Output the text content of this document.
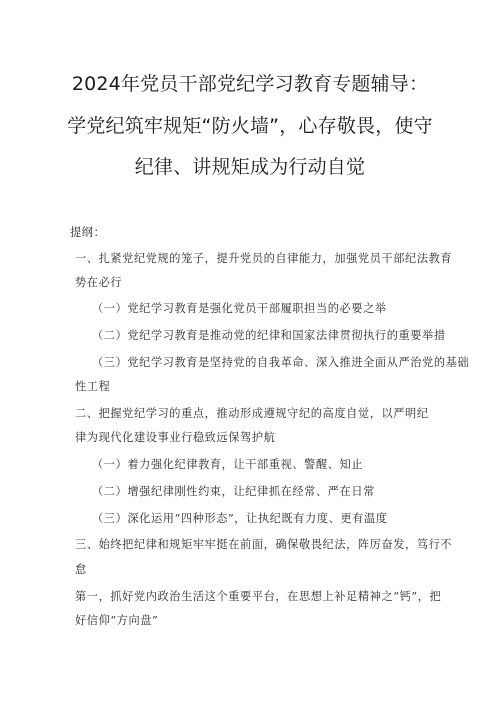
2024年党员干部党纪学习教育专题辅导：
学党纪筑牢规矩“防火墙”，心存敬畏，使守
纪律、讲规矩成为行动自觉
提纲：
一、扎紧党纪党规的笼子，提升党员的自律能力，加强党员干部纪法教育
势在必行
（一）党纪学习教育是强化党员干部履职担当的必要之举
（二）党纪学习教育是推动党的纪律和国家法律贯彻执行的重要举措
（三）党纪学习教育是坚持党的自我革命、深入推进全面从严治党的基础
性工程
二、把握党纪学习的重点，推动形成遵规守纪的高度自觉，以严明纪
律为现代化建设事业行稳致远保驾护航
（一）着力强化纪律教育，让干部重视、警醒、知止
（二）增强纪律刚性约束，让纪律抓在经常、严在日常
（三）深化运用“四种形态”，让执纪既有力度、更有温度
三、始终把纪律和规矩牢牢挺在前面，确保敬畏纪法，阵厉奋发，笃行不
怠
第一，抓好党内政治生活这个重要平台，在思想上补足精神之“钙”，把
好信仰“方向盘”
